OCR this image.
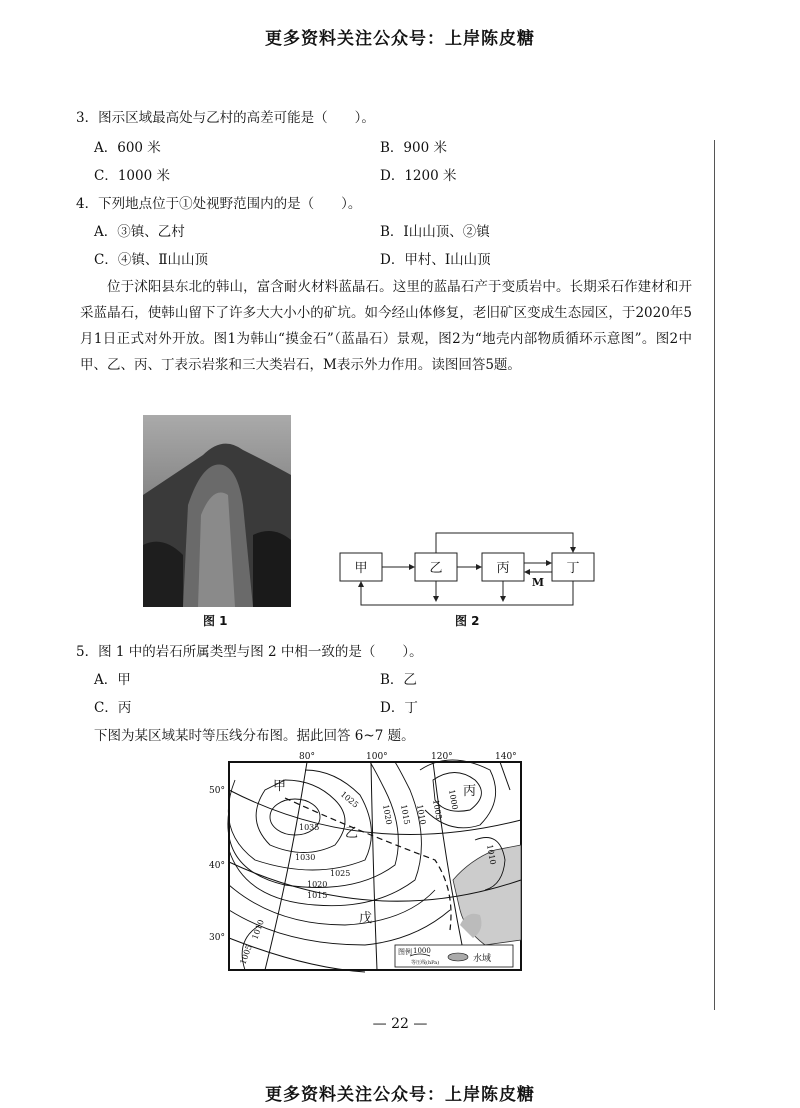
更多资料关注公众号：上岸陈皮糖
3．图示区域最高处与乙村的高差可能是（　　）。
A．600 米	B．900 米
C．1000 米	D．1200 米
4．下列地点位于①处视野范围内的是（　　）。
A．③镇、乙村	B．Ⅰ山山顶、②镇
C．④镇、Ⅱ山山顶	D．甲村、Ⅰ山山顶
位于沭阳县东北的韩山，富含耐火材料蓝晶石。这里的蓝晶石产于变质岩中。长期采石作建材和开采蓝晶石，使韩山留下了许多大大小小的矿坑。如今经山体修复，老旧矿区变成生态园区，于2020年5月1日正式对外开放。图1为韩山“摸金石”（蓝晶石）景观，图2为“地壳内部物质循环示意图”。图2中甲、乙、丙、丁表示岩浆和三大类岩石，M表示外力作用。读图回答5题。
图 1
甲	乙	丙	丁
M
图 2
5．图 1 中的岩石所属类型与图 2 中相一致的是（　　）。
A．甲	B．乙
C．丙	D．丁
下图为某区域某时等压线分布图。据此回答 6~7 题。
80°	100°	120°	140°
50°
40°
30°
甲
乙
丙
戊
1035
1030
1025
1020
1015
1025
1020 1015 1010 1005 1000
1010
1010
1005	图例 1000
等压线(hPa)	水域
— 22 —
更多资料关注公众号：上岸陈皮糖
